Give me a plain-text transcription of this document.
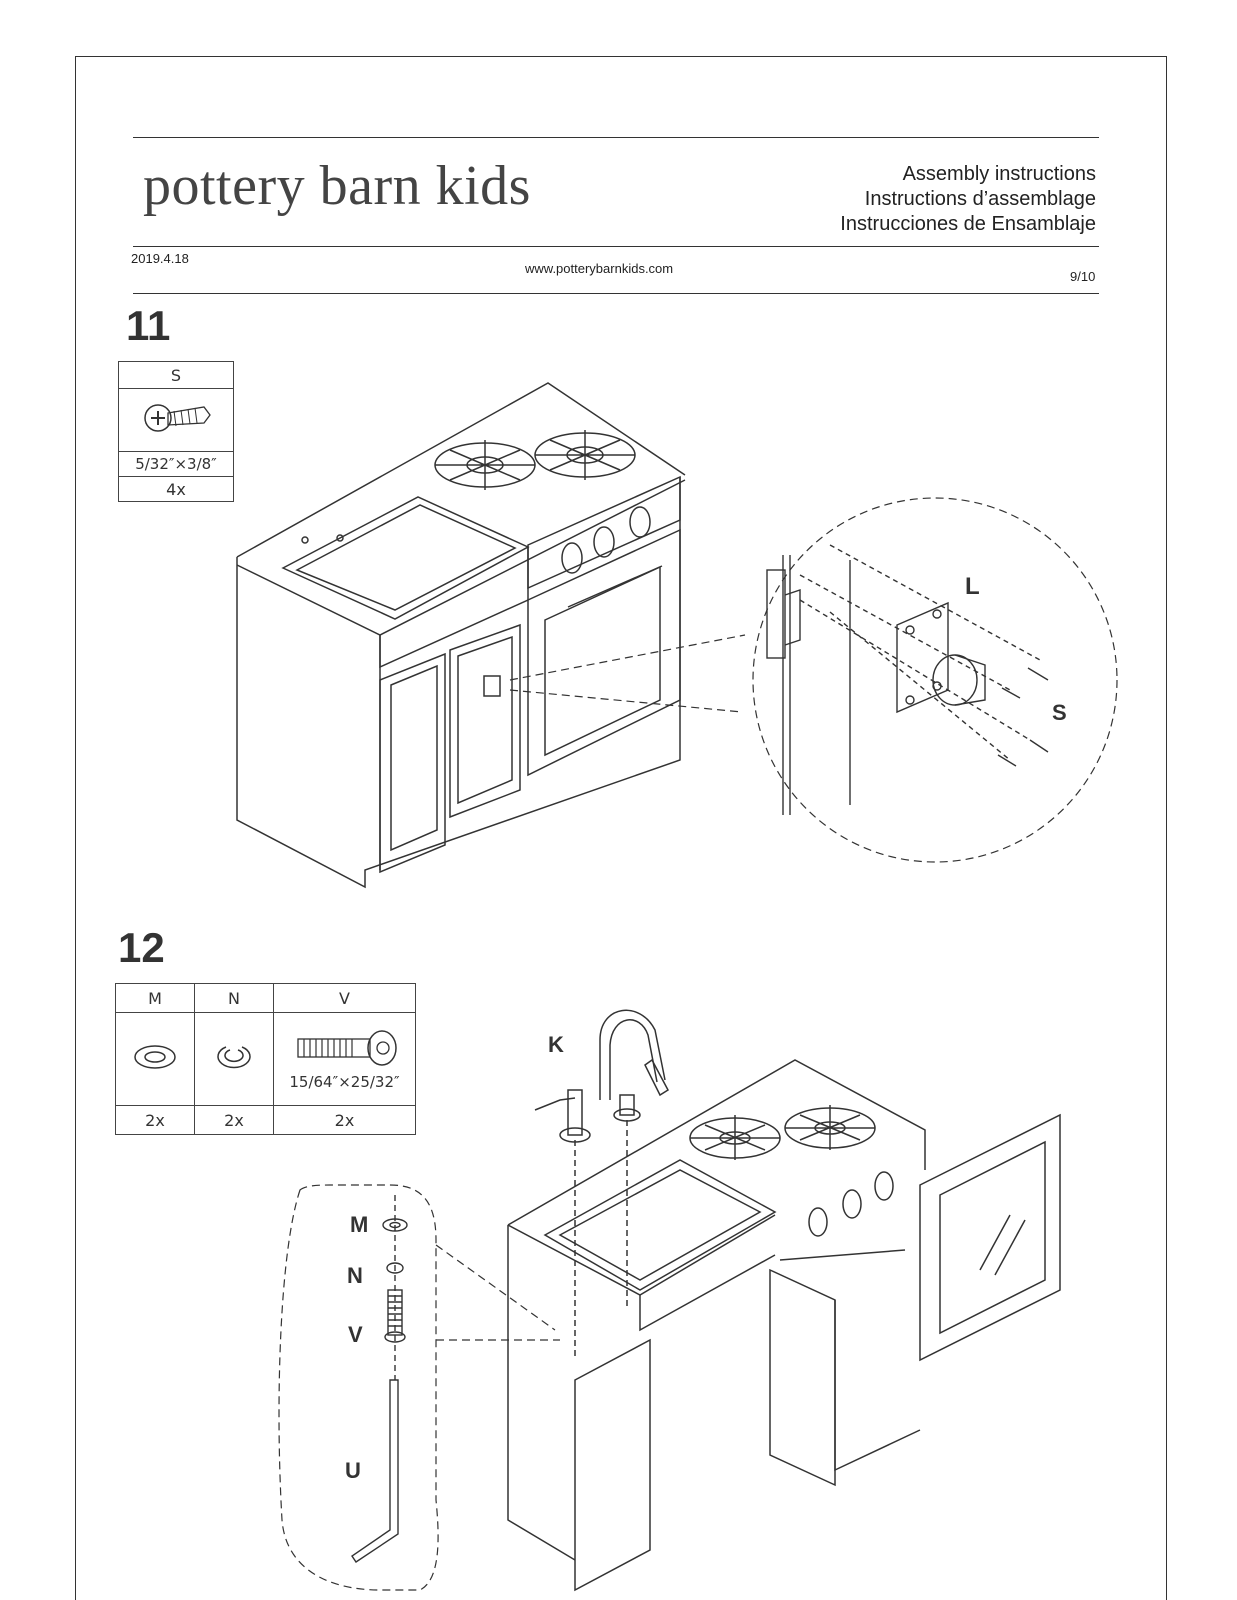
pottery barn kids	Assembly instructions
Instructions d’assemblage
Instrucciones de Ensamblaje
2019.4.18
www.potterybarnkids.com
9/10
11
S

5/32″×3/8″
4x
L
S
12
M	N	V

15/64″×25/32″

2x	2x	2x
M
N
V
U
K
